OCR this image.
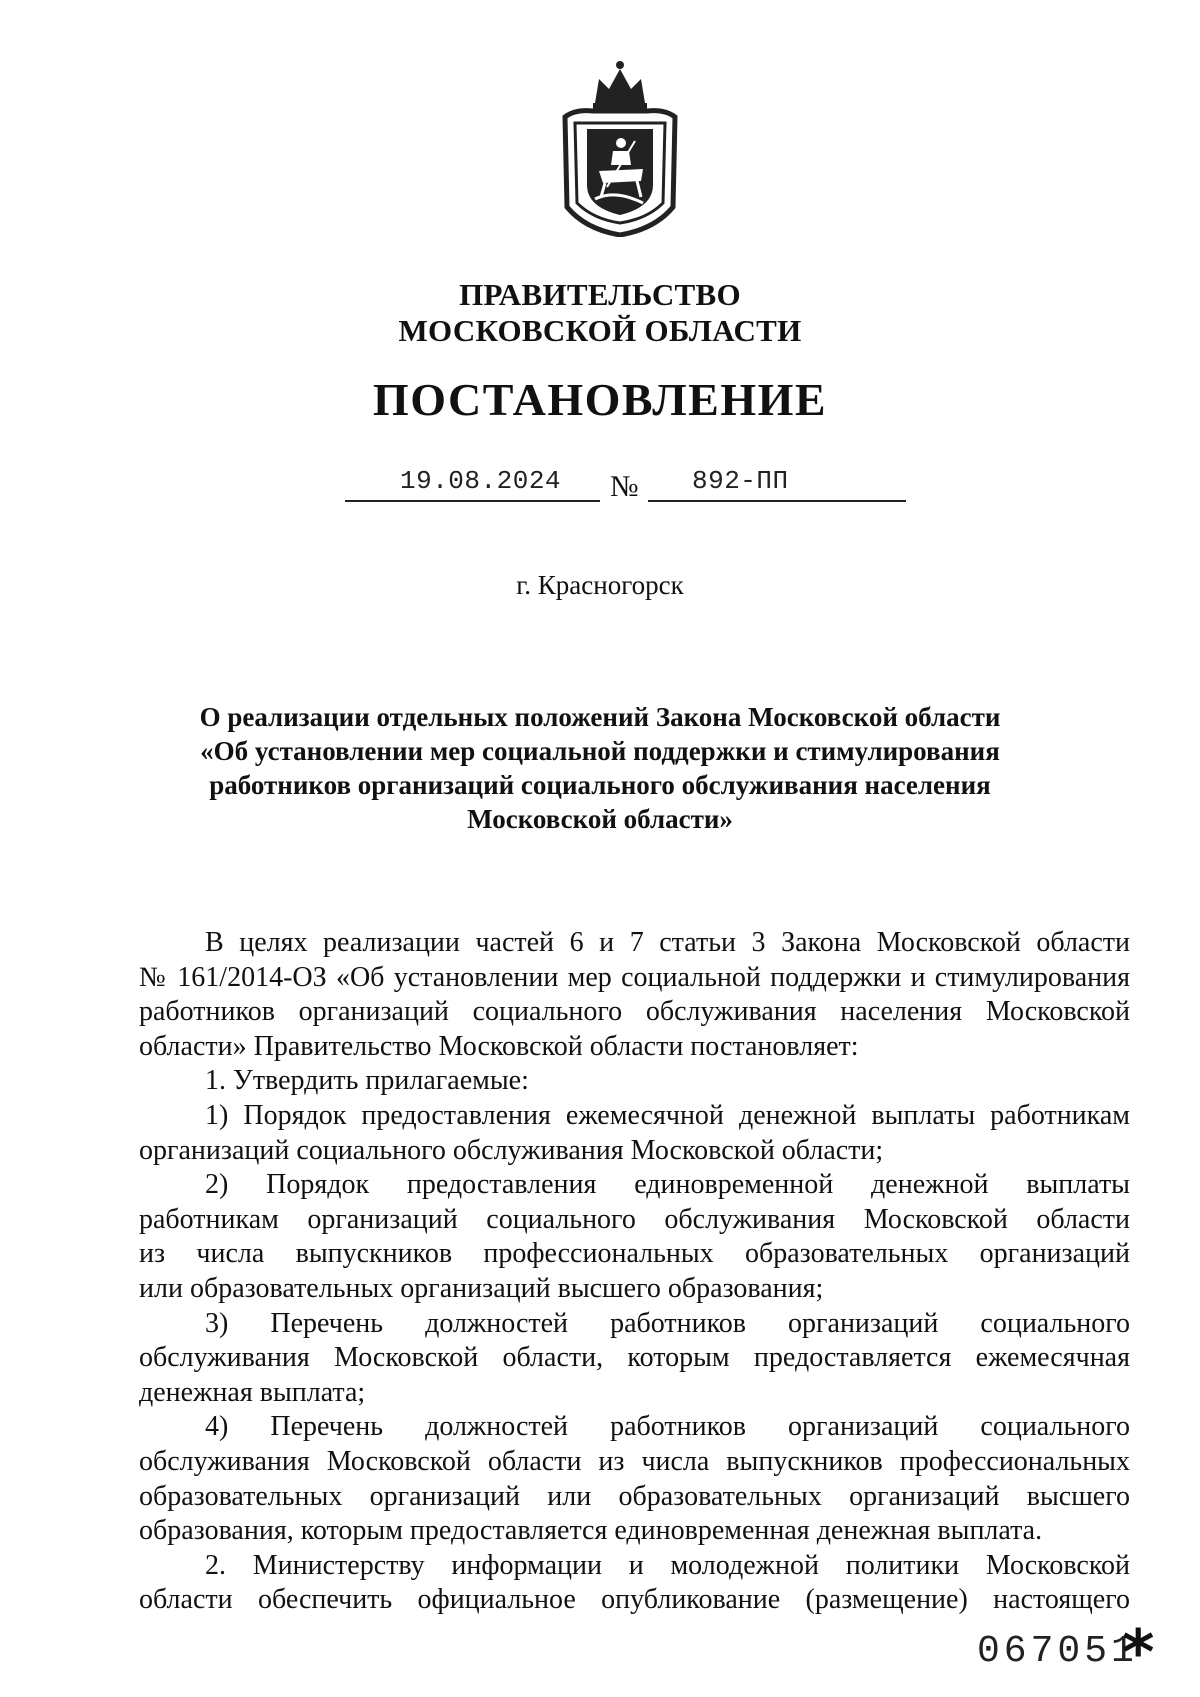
ПРАВИТЕЛЬСТВО
МОСКОВСКОЙ ОБЛАСТИ
ПОСТАНОВЛЕНИЕ
19.08.2024 № 892-ПП
г. Красногорск
О реализации отдельных положений Закона Московской области
«Об установлении мер социальной поддержки и стимулирования
работников организаций социального обслуживания населения
Московской области»

В целях реализации частей 6 и 7 статьи 3 Закона Московской области

№ 161/2014-ОЗ «Об установлении мер социальной поддержки и стимулирования

работников организаций социального обслуживания населения Московской

области» Правительство Московской области постановляет:

1. Утвердить прилагаемые:

1) Порядок предоставления ежемесячной денежной выплаты работникам

организаций социального обслуживания Московской области;

2) Порядок предоставления единовременной денежной выплаты

работникам организаций социального обслуживания Московской области

из числа выпускников профессиональных образовательных организаций

или образовательных организаций высшего образования;

3) Перечень должностей работников организаций социального

обслуживания Московской области, которым предоставляется ежемесячная

денежная выплата;

4) Перечень должностей работников организаций социального

обслуживания Московской области из числа выпускников профессиональных

образовательных организаций или образовательных организаций высшего

образования, которым предоставляется единовременная денежная выплата.

2. Министерству информации и молодежной политики Московской

области обеспечить официальное опубликование (размещение) настоящего

067051
*
